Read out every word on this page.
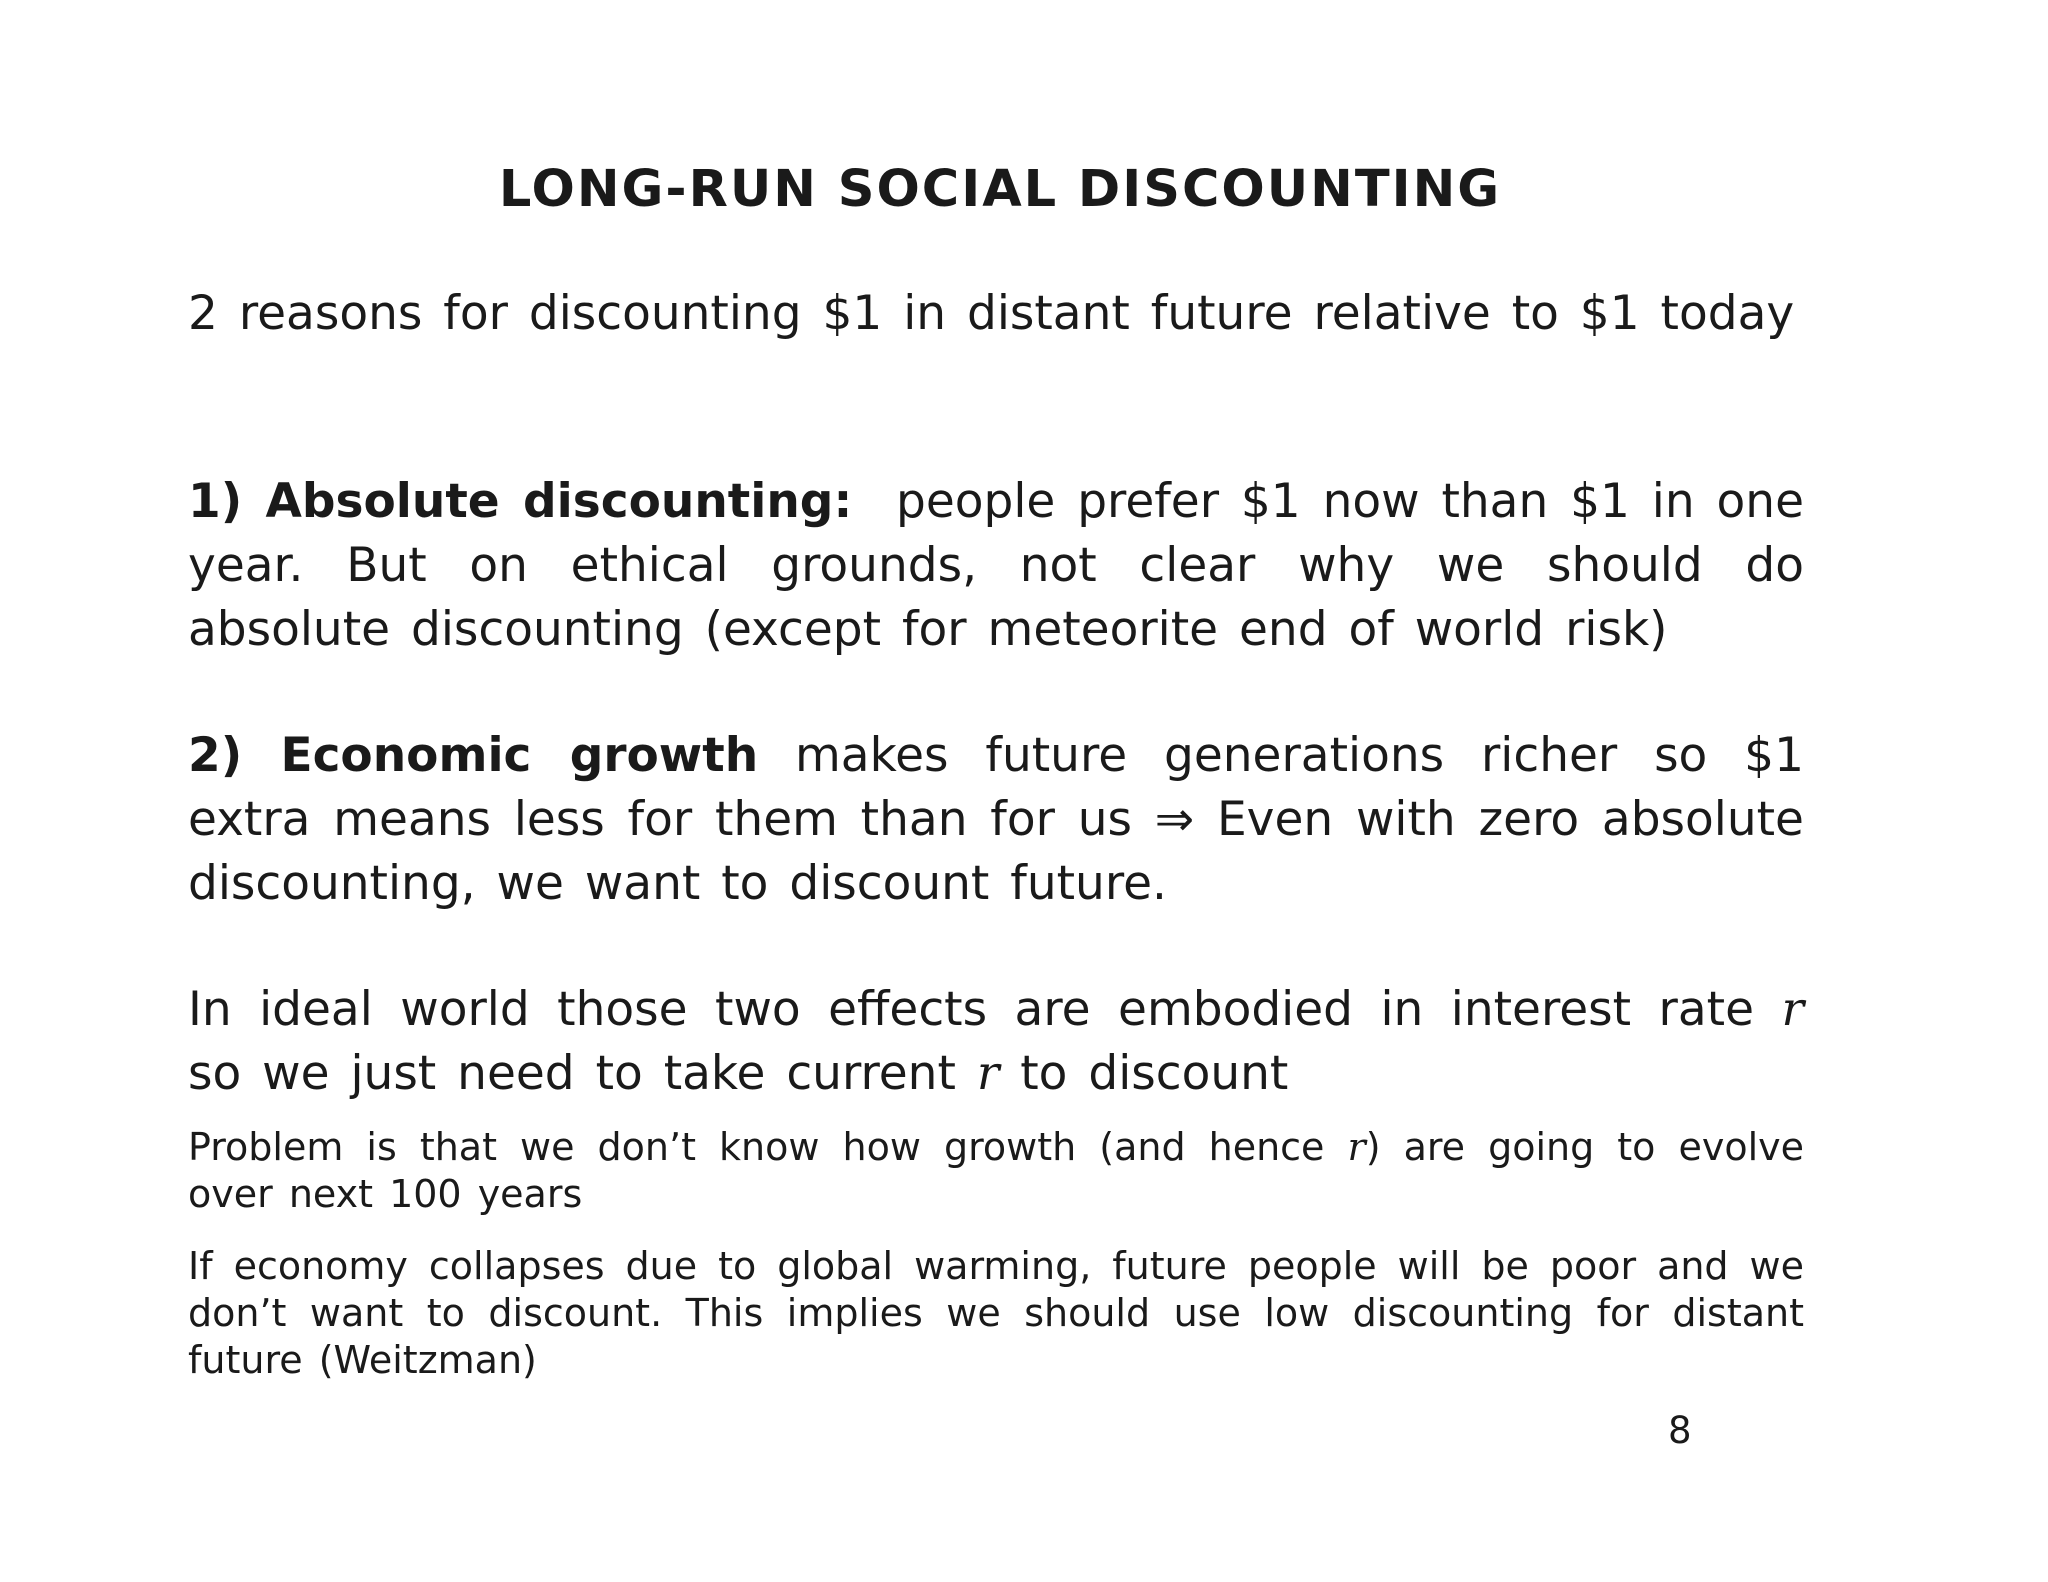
LONG-RUN SOCIAL DISCOUNTING

2 reasons for discounting $1 in distant future relative to $1 today

1) Absolute discounting: people prefer $1 now than $1 in one year. But on ethical grounds, not clear why we should do absolute discounting (except for meteorite end of world risk)

2) Economic growth makes future generations richer so $1 extra means less for them than for us ⇒ Even with zero absolute discounting, we want to discount future.

In ideal world those two effects are embodied in interest rate r so we just need to take current r to discount

Problem is that we don’t know how growth (and hence r) are going to evolve over next 100 years

If economy collapses due to global warming, future people will be poor and we don’t want to discount. This implies we should use low discounting for distant future (Weitzman)

8
